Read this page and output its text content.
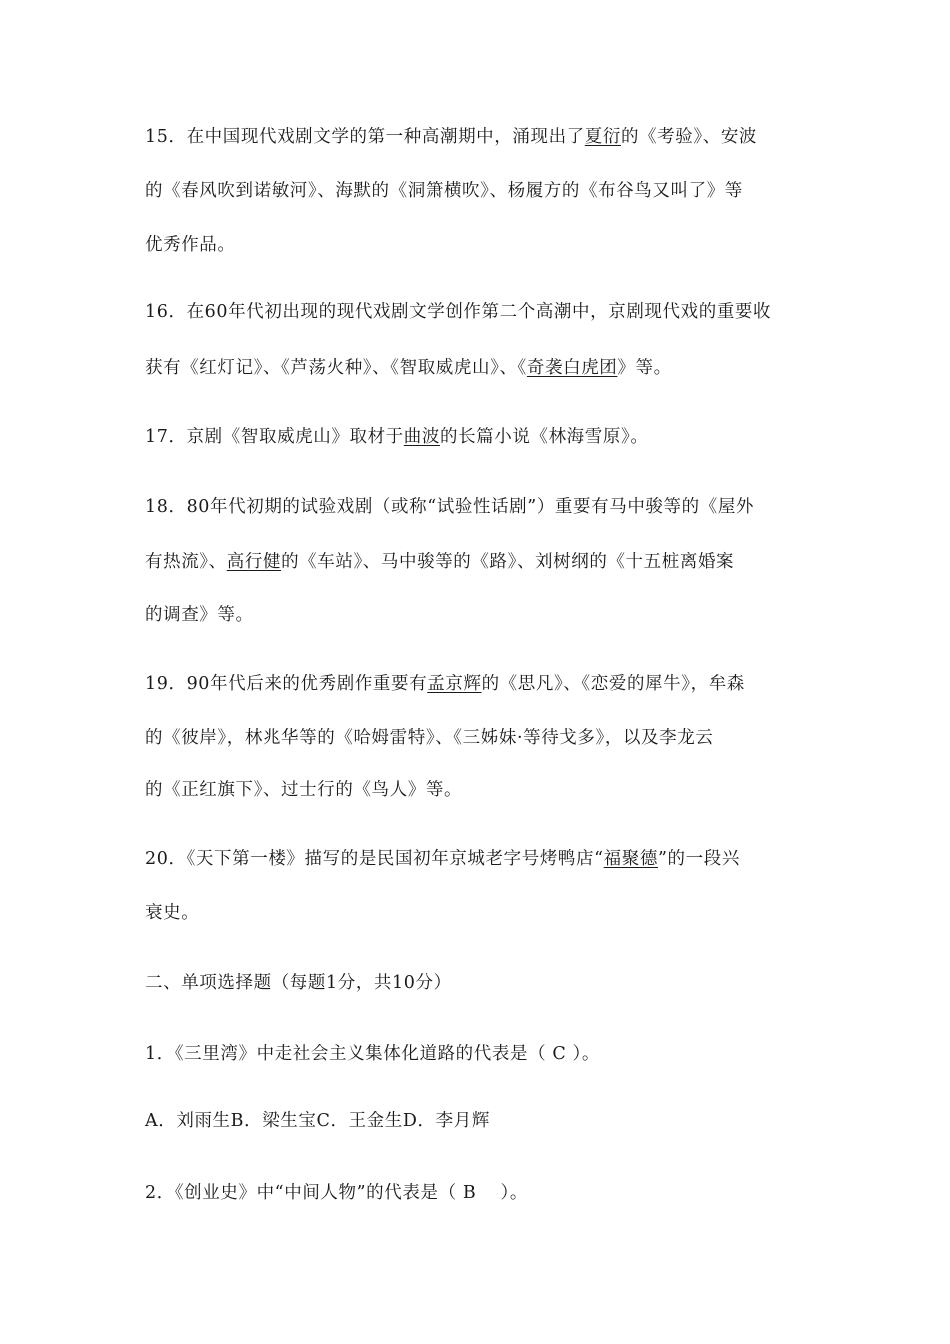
15．在中国现代戏剧文学的第一种高潮期中，涌现出了夏衍的《考验》、安波
的《春风吹到诺敏河》、海默的《洞箫横吹》、杨履方的《布谷鸟又叫了》等
优秀作品。
16．在60年代初出现的现代戏剧文学创作第二个高潮中，京剧现代戏的重要收
获有《红灯记》、《芦荡火种》、《智取威虎山》、《奇袭白虎团》等。
17．京剧《智取威虎山》取材于曲波的长篇小说《林海雪原》。
18．80年代初期的试验戏剧（或称“试验性话剧”）重要有马中骏等的《屋外
有热流》、高行健的《车站》、马中骏等的《路》、刘树纲的《十五桩离婚案
的调查》等。
19．90年代后来的优秀剧作重要有孟京辉的《思凡》、《恋爱的犀牛》，牟森
的《彼岸》，林兆华等的《哈姆雷特》、《三姊妹·等待戈多》，以及李龙云
的《正红旗下》、过士行的《鸟人》等。
20．《天下第一楼》描写的是民国初年京城老字号烤鸭店“福聚德”的一段兴
衰史。
二、单项选择题（每题1分，共10分）
1．《三里湾》中走社会主义集体化道路的代表是（ C ）。
A．刘雨生B．梁生宝C．王金生D．李月辉
2．《创业史》中“中间人物”的代表是（ B　 ）。
